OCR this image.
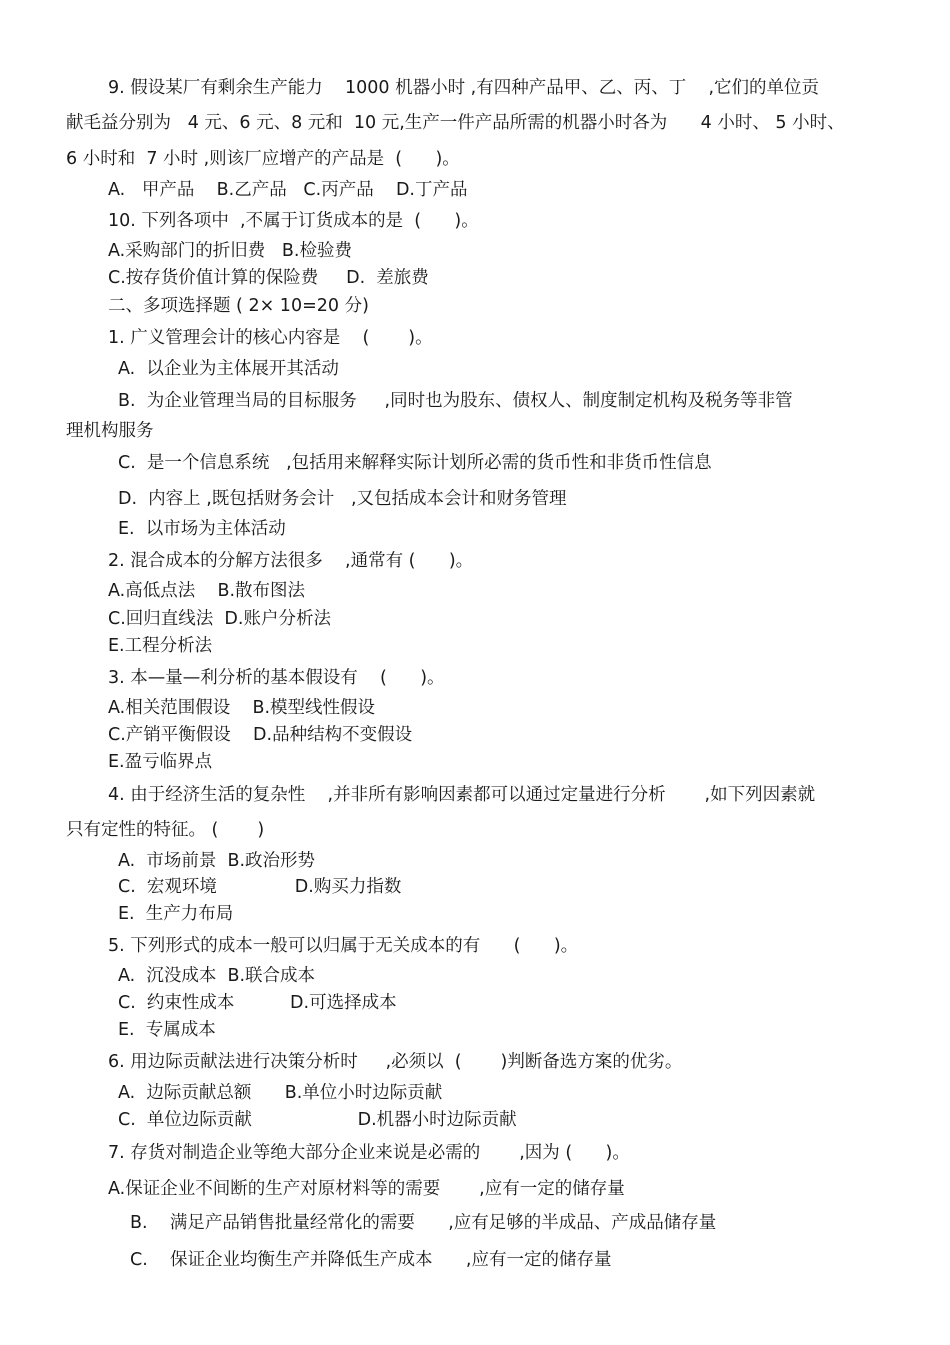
9. 假设某厂有剩余生产能力    1000 机器小时 ,有四种产品甲、乙、丙、丁    ,它们的单位贡
献毛益分别为   4 元、6 元、8 元和  10 元,生产一件产品所需的机器小时各为      4 小时、 5 小时、
6 小时和  7 小时 ,则该厂应增产的产品是  (      )。
A.   甲产品    B.乙产品   C.丙产品    D.丁产品
10. 下列各项中  ,不属于订货成本的是  (      )。
A.采购部门的折旧费   B.检验费
C.按存货价值计算的保险费     D.  差旅费
二、多项选择题 ( 2× 10=20 分)
1. 广义管理会计的核心内容是    (       )。
A.  以企业为主体展开其活动
B.  为企业管理当局的目标服务     ,同时也为股东、债权人、制度制定机构及税务等非管
理机构服务
C.  是一个信息系统   ,包括用来解释实际计划所必需的货币性和非货币性信息
D.  内容上 ,既包括财务会计   ,又包括成本会计和财务管理
E.  以市场为主体活动
2. 混合成本的分解方法很多    ,通常有 (      )。
A.高低点法    B.散布图法
C.回归直线法  D.账户分析法
E.工程分析法
3. 本—量—利分析的基本假设有    (      )。
A.相关范围假设    B.模型线性假设
C.产销平衡假设    D.品种结构不变假设
E.盈亏临界点
4. 由于经济生活的复杂性    ,并非所有影响因素都可以通过定量进行分析       ,如下列因素就
只有定性的特征。 (       )
A.  市场前景  B.政治形势
C.  宏观环境              D.购买力指数
E.  生产力布局
5. 下列形式的成本一般可以归属于无关成本的有      (      )。
A.  沉没成本  B.联合成本
C.  约束性成本          D.可选择成本
E.  专属成本
6. 用边际贡献法进行决策分析时     ,必须以  (       )判断备选方案的优劣。
A.  边际贡献总额      B.单位小时边际贡献
C.  单位边际贡献                   D.机器小时边际贡献
7. 存货对制造企业等绝大部分企业来说是必需的       ,因为 (      )。
A.保证企业不间断的生产对原材料等的需要       ,应有一定的储存量
B.    满足产品销售批量经常化的需要      ,应有足够的半成品、产成品储存量
C.    保证企业均衡生产并降低生产成本      ,应有一定的储存量
